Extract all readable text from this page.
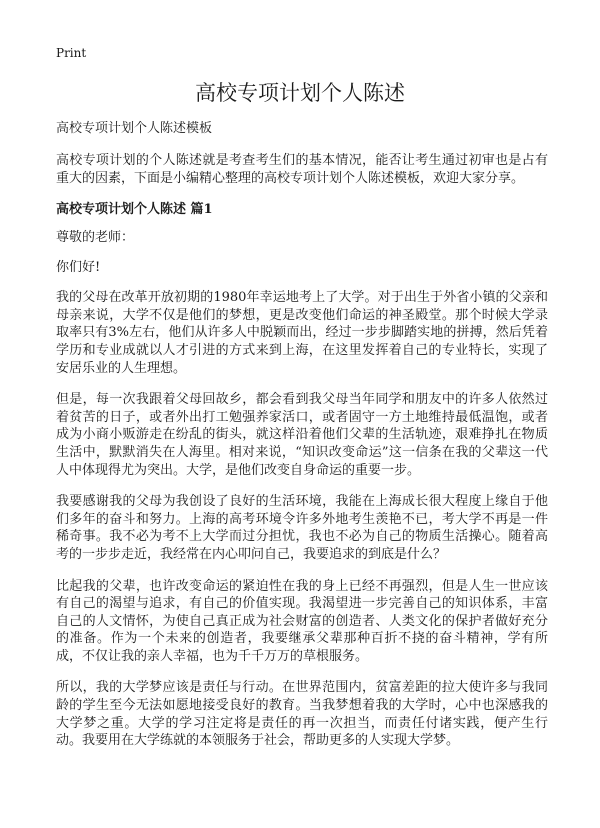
Print
高校专项计划个人陈述

高校专项计划个人陈述模板

高校专项计划的个人陈述就是考查考生们的基本情况，能否让考生通过初审也是占有重大的因素，下面是小编精心整理的高校专项计划个人陈述模板，欢迎大家分享。

高校专项计划个人陈述 篇1

尊敬的老师：

你们好!

我的父母在改革开放初期的1980年幸运地考上了大学。对于出生于外省小镇的父亲和母亲来说，大学不仅是他们的梦想，更是改变他们命运的神圣殿堂。那个时候大学录取率只有3%左右，他们从许多人中脱颖而出，经过一步步脚踏实地的拼搏，然后凭着学历和专业成就以人才引进的方式来到上海，在这里发挥着自己的专业特长，实现了安居乐业的人生理想。

但是，每一次我跟着父母回故乡，都会看到我父母当年同学和朋友中的许多人依然过着贫苦的日子，或者外出打工勉强养家活口，或者固守一方土地维持最低温饱，或者成为小商小贩游走在纷乱的街头，就这样沿着他们父辈的生活轨迹，艰难挣扎在物质生活中，默默消失在人海里。相对来说，“知识改变命运”这一信条在我的父辈这一代人中体现得尤为突出。大学，是他们改变自身命运的重要一步。

我要感谢我的父母为我创设了良好的生活环境，我能在上海成长很大程度上缘自于他们多年的奋斗和努力。上海的高考环境令许多外地考生羡艳不已，考大学不再是一件稀奇事。我不必为考不上大学而过分担忧，我也不必为自己的物质生活操心。随着高考的一步步走近，我经常在内心叩问自己，我要追求的到底是什么？

比起我的父辈，也许改变命运的紧迫性在我的身上已经不再强烈，但是人生一世应该有自己的渴望与追求，有自己的价值实现。我渴望进一步完善自己的知识体系，丰富自己的人文情怀，为使自己真正成为社会财富的创造者、人类文化的保护者做好充分的准备。作为一个未来的创造者，我要继承父辈那种百折不挠的奋斗精神，学有所成，不仅让我的亲人幸福，也为千千万万的草根服务。

所以，我的大学梦应该是责任与行动。在世界范围内，贫富差距的拉大使许多与我同龄的学生至今无法如愿地接受良好的教育。当我梦想着我的大学时，心中也深感我的大学梦之重。大学的学习注定将是责任的再一次担当，而责任付诸实践，便产生行动。我要用在大学练就的本领服务于社会，帮助更多的人实现大学梦。
